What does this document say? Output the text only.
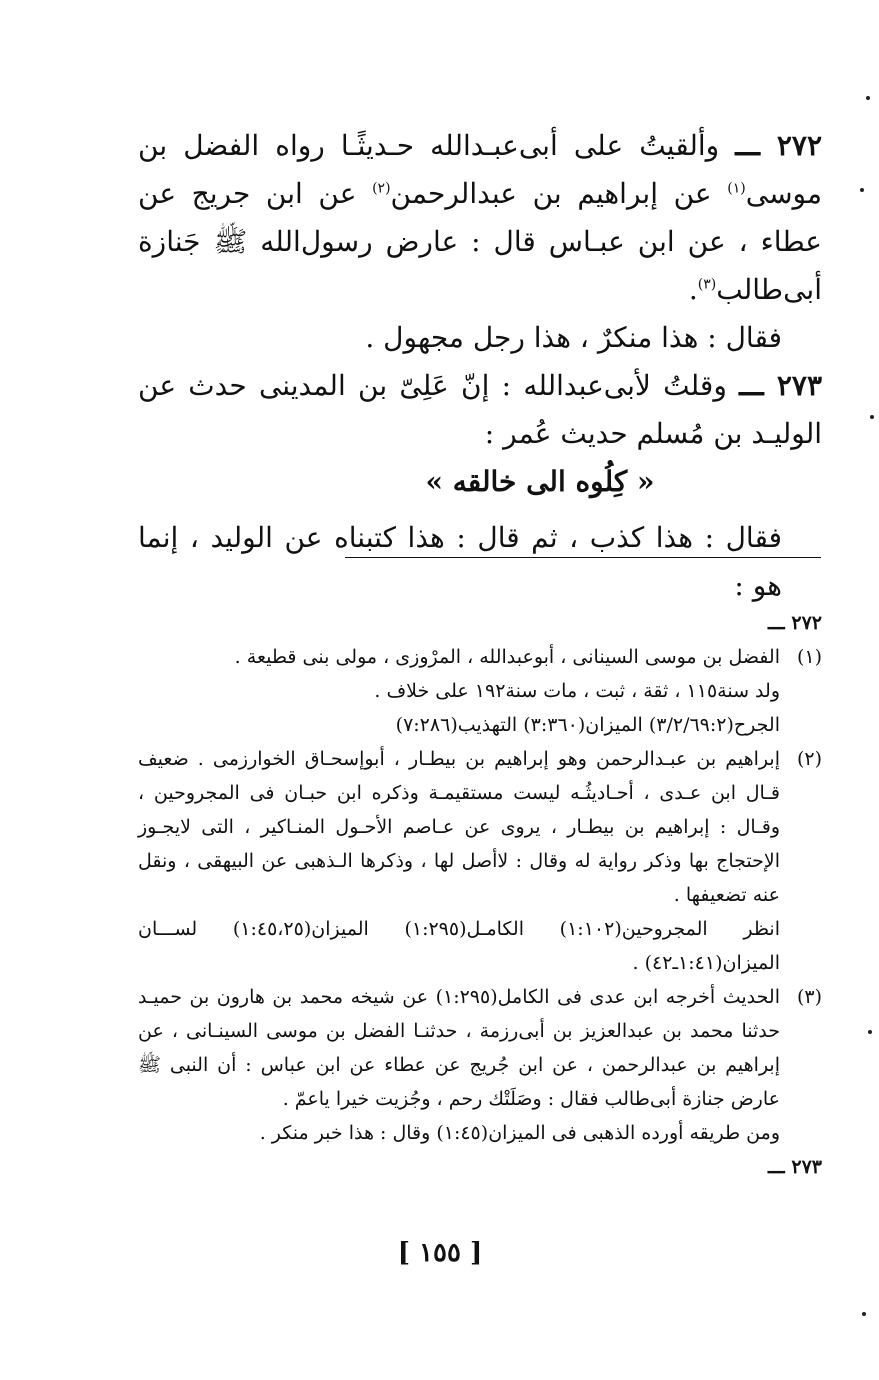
٢٧٢ ـــ وألقيتُ على أبى‌عبـدالله حـديثًـا رواه الفضل بن موسى$^{(١)}$ عن إبراهيم بن عبدالرحمن$^{(٢)}$ عن ابن جريج عن عطاء ، عن ابن عبـاس قال : عارض رسول‌الله ﷺ جَنازة أبى‌طالب$^{(٣)}$.

فقال : هذا منكرٌ ، هذا رجل مجهول .

٢٧٣ ـــ وقلتُ لأبى‌عبدالله : إنّ عَلِىّ بن المدينى حدث عن الوليـد بن مُسلم حديث عُمر :

« كِلُوه الى خالقه »

فقال : هذا كذب ، ثم قال : هذا كتبناه عن الوليد ، إنما هو :

٢٧٢ ـــ

(١)
الفضل بن موسى السينانى ، أبوعبدالله ، المرْوزى ، مولى بنى قطيعة .
ولد سنة١١٥ ، ثقة ، ثبت ، مات سنة١٩٢ على خلاف .
الجرح(٣/٢/٦٩:٢) الميزان(٣:٣٦٠) التهذيب(٧:٢٨٦)
(٢)
إبراهيم بن عبـدالرحمن وهو إبراهيم بن بيطـار ، أبوإسحـاق الخوارزمى . ضعيف قـال ابن عـدى ، أحـاديثُـه ليست مستقيمـة وذكره ابن حبـان فى المجروحين ، وقـال : إبراهيم بن بيطـار ، يروى عن عـاصم الأحـول المنـاكير ، التى لايجـوز الإحتجاج بها وذكر رواية له وقال : لاأصل لها ، وذكرها الـذهبى عن البيهقى ، ونقل عنه تضعيفها .
انظر المجروحين(١:١٠٢) الكامـل(١:٢٩٥) الميزان(١:٤٥،٢٥) لســـان الميزان(١:٤١ـ٤٢) .
(٣)
الحديث أخرجه ابن عدى فى الكامل(١:٢٩٥) عن شيخه محمد بن هارون بن حميـد حدثنا محمد بن عبدالعزيز بن أبى‌رزمة ، حدثنـا الفضل بن موسى السينـانى ، عن إبراهيم بن عبدالرحمن ، عن ابن جُريج عن عطاء عن ابن عباس : أن النبى ﷺ عارض جنازة أبى‌طالب فقال : وصَلَتْك رحم ، وجُزيت خيرا ياعمّ .
ومن طريقه أورده الذهبى فى الميزان(١:٤٥) وقال : هذا خبر منكر .

٢٧٣ ـــ

[ ١٥٥ ]
